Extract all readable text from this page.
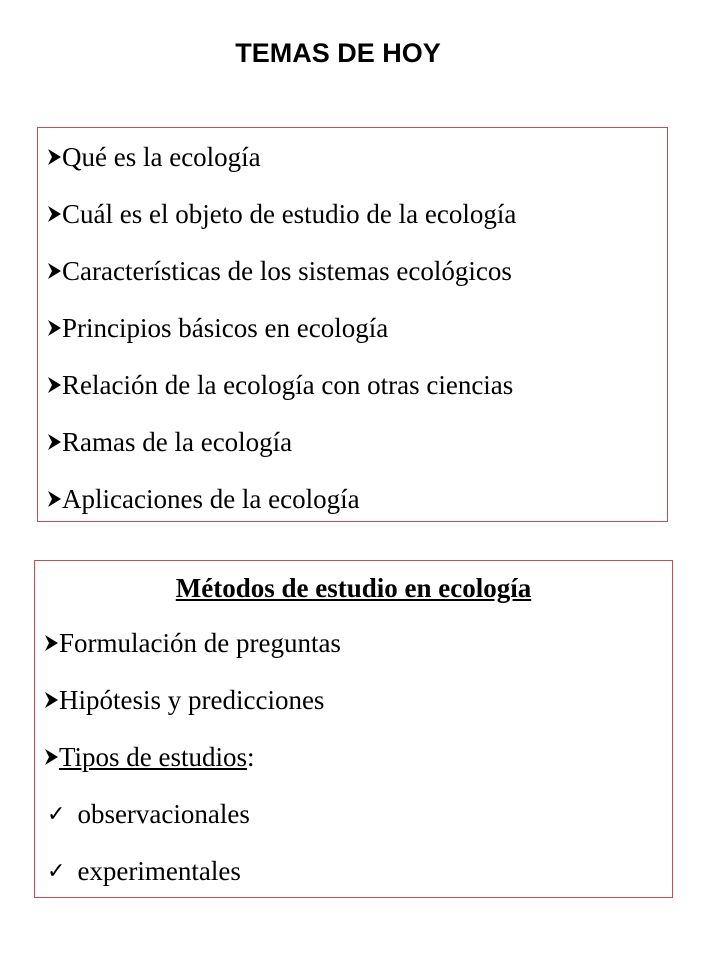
TEMAS DE HOY
Qué es la ecología
Cuál es el objeto de estudio de la ecología
Características de los sistemas ecológicos
Principios básicos en ecología
Relación de la ecología con otras ciencias
Ramas de la ecología
Aplicaciones de la ecología
Métodos de estudio en ecología
Formulación de preguntas
Hipótesis y predicciones
Tipos de estudios :
✓ observacionales
✓ experimentales
